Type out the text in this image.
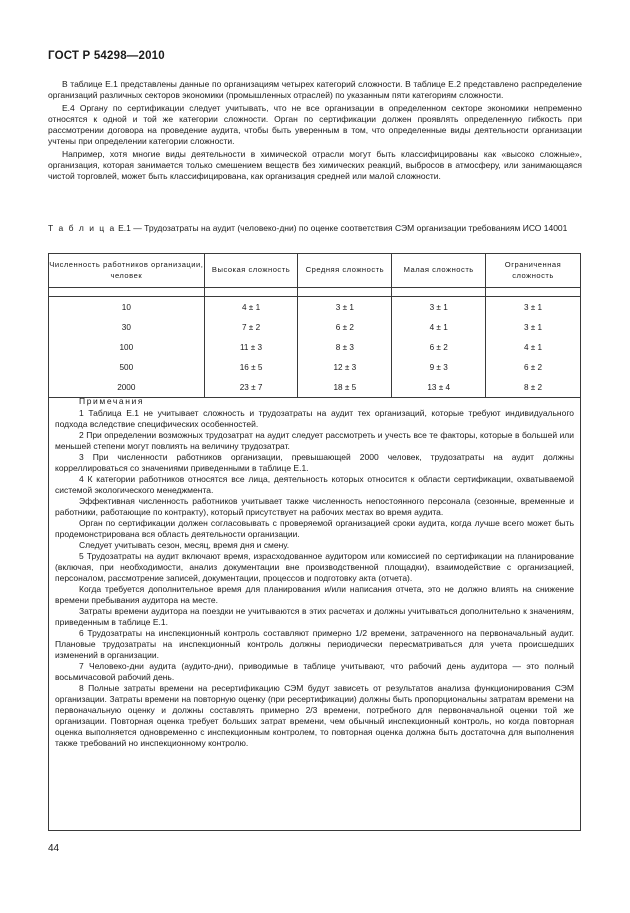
ГОСТ Р 54298—2010

В таблице Е.1 представлены данные по организациям четырех категорий сложности. В таблице Е.2 представлено распределение организаций различных секторов экономики (промышленных отраслей) по указанным пяти категориям сложности.

Е.4 Органу по сертификации следует учитывать, что не все организации в определенном секторе экономики непременно относятся к одной и той же категории сложности. Орган по сертификации должен проявлять определенную гибкость при рассмотрении договора на проведение аудита, чтобы быть уверенным в том, что определенные виды деятельности организации учтены при определении категории сложности.

Например, хотя многие виды деятельности в химической отрасли могут быть классифицированы как «высоко сложные», организация, которая занимается только смешением веществ без химических реакций, выбросов в атмосферу, или занимающаяся чистой торговлей, может быть классифицирована, как организация средней или малой сложности.

Т а б л и ц а Е.1 — Трудозатраты на аудит (человеко-дни) по оценке соответствия СЭМ организации требованиям ИСО 14001
Численность работников организации, человек	Высокая сложность	Средняя сложность	Малая сложность	Ограниченная сложность

10	4 ± 1	3 ± 1	3 ± 1	3 ± 1
30	7 ± 2	6 ± 2	4 ± 1	3 ± 1
100	11 ± 3	8 ± 3	6 ± 2	4 ± 1
500	16 ± 5	12 ± 3	9 ± 3	6 ± 2
2000	23 ± 7	18 ± 5	13 ± 4	8 ± 2

Примечания

1 Таблица Е.1 не учитывает сложность и трудозатраты на аудит тех организаций, которые требуют индивидуального подхода вследствие специфических особенностей.

2 При определении возможных трудозатрат на аудит следует рассмотреть и учесть все те факторы, которые в большей или меньшей степени могут повлиять на величину трудозатрат.

3 При численности работников организации, превышающей 2000 человек, трудозатраты на аудит должны корреллироваться со значениями приведенными в таблице Е.1.

4 К категории работников относятся все лица, деятельность которых относится к области сертификации, охватываемой системой экологического менеджмента.

Эффективная численность работников учитывает также численность непостоянного персонала (сезонные, временные и работники, работающие по контракту), который присутствует на рабочих местах во время аудита.

Орган по сертификации должен согласовывать с проверяемой организацией сроки аудита, когда лучше всего может быть продемонстрирована вся область деятельности организации.

Следует учитывать сезон, месяц, время дня и смену.

5 Трудозатраты на аудит включают время, израсходованное аудитором или комиссией по сертификации на планирование (включая, при необходимости, анализ документации вне производственной площадки), взаимодействие с организацией, персоналом, рассмотрение записей, документации, процессов и подготовку акта (отчета).

Когда требуется дополнительное время для планирования и/или написания отчета, это не должно влиять на снижение времени пребывания аудитора на месте.

Затраты времени аудитора на поездки не учитываются в этих расчетах и должны учитываться дополнительно к значениям, приведенным в таблице Е.1.

6 Трудозатраты на инспекционный контроль составляют примерно 1/2 времени, затраченного на первоначальный аудит. Плановые трудозатраты на инспекционный контроль должны периодически пересматриваться для учета происшедших изменений в организации.

7 Человеко-дни аудита (аудито-дни), приводимые в таблице учитывают, что рабочий день аудитора — это полный восьмичасовой рабочий день.

8 Полные затраты времени на ресертификацию СЭМ будут зависеть от результатов анализа функционирования СЭМ организации. Затраты времени на повторную оценку (при ресертификации) должны быть пропорциональны затратам времени на первоначальную оценку и должны составлять примерно 2/3 времени, потребного для первоначальной оценки той же организации. Повторная оценка требует больших затрат времени, чем обычный инспекционный контроль, но когда повторная оценка выполняется одновременно с инспекционным контролем, то повторная оценка должна быть достаточна для выполнения также требований но инспекционному контролю.

44
